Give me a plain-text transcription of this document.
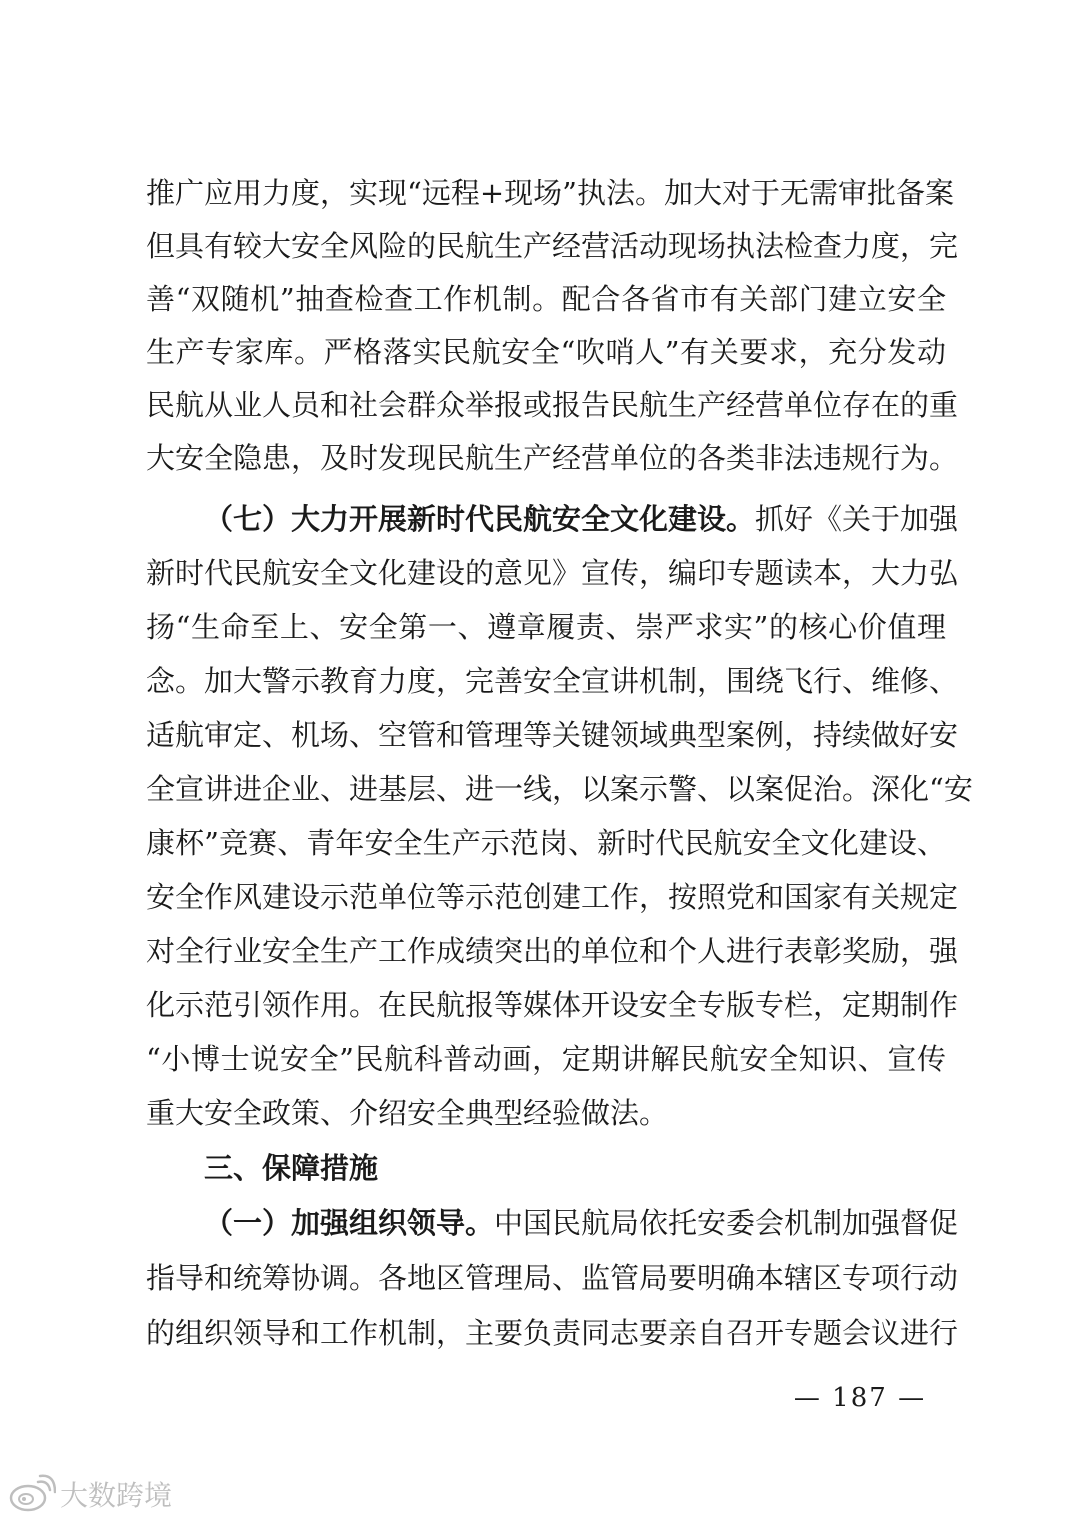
推广应用力度，实现“远程+现场”执法。加大对于无需审批备案
但具有较大安全风险的民航生产经营活动现场执法检查力度，完
善“双随机”抽查检查工作机制。配合各省市有关部门建立安全
生产专家库。严格落实民航安全“吹哨人”有关要求，充分发动
民航从业人员和社会群众举报或报告民航生产经营单位存在的重
大安全隐患，及时发现民航生产经营单位的各类非法违规行为。
（七）大力开展新时代民航安全文化建设。抓好《关于加强
新时代民航安全文化建设的意见》宣传，编印专题读本，大力弘
扬“生命至上、安全第一、遵章履责、崇严求实”的核心价值理
念。加大警示教育力度，完善安全宣讲机制，围绕飞行、维修、
适航审定、机场、空管和管理等关键领域典型案例，持续做好安
全宣讲进企业、进基层、进一线，以案示警、以案促治。深化“安
康杯”竞赛、青年安全生产示范岗、新时代民航安全文化建设、
安全作风建设示范单位等示范创建工作，按照党和国家有关规定
对全行业安全生产工作成绩突出的单位和个人进行表彰奖励，强
化示范引领作用。在民航报等媒体开设安全专版专栏，定期制作
“小博士说安全”民航科普动画，定期讲解民航安全知识、宣传
重大安全政策、介绍安全典型经验做法。
三、保障措施
（一）加强组织领导。中国民航局依托安委会机制加强督促
指导和统筹协调。各地区管理局、监管局要明确本辖区专项行动
的组织领导和工作机制，主要负责同志要亲自召开专题会议进行
— 187 —
大数跨境
